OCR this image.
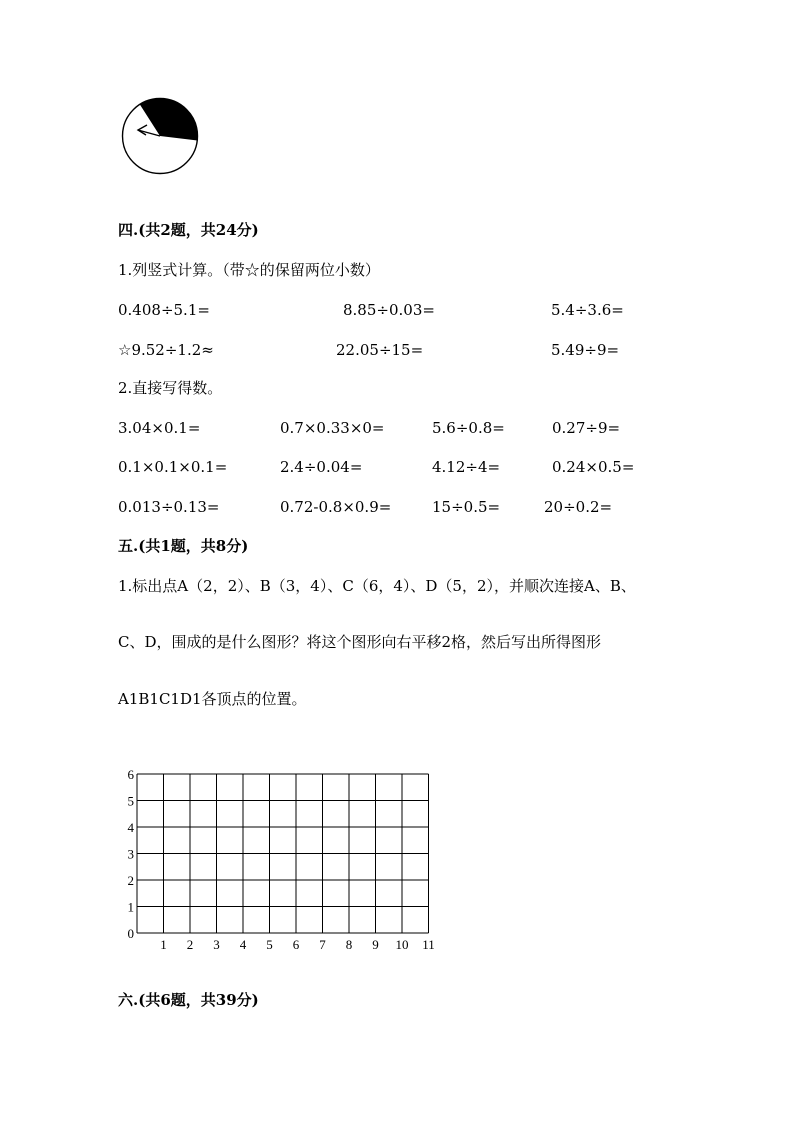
四.(共2题，共24分)
1.列竖式计算。（带☆的保留两位小数）
0.408÷5.1=	8.85÷0.03=	5.4÷3.6=
☆9.52÷1.2≈	22.05÷15=	5.49÷9=
2.直接写得数。
3.04×0.1=	0.7×0.33×0=	5.6÷0.8=	0.27÷9=
0.1×0.1×0.1=	2.4÷0.04=	4.12÷4=	0.24×0.5=
0.013÷0.13=	0.72-0.8×0.9=	15÷0.5=	20÷0.2=
五.(共1题，共8分)
1.标出点A（2，2）、B（3，4）、C（6，4）、D（5，2），并顺次连接A、B、
C、D，围成的是什么图形？将这个图形向右平移2格，然后写出所得图形
A1B1C1D1各顶点的位置。
1 2 3 4 5 6 7 8 9 10 11
0
1
2
3
4
5
6
六.(共6题，共39分)
